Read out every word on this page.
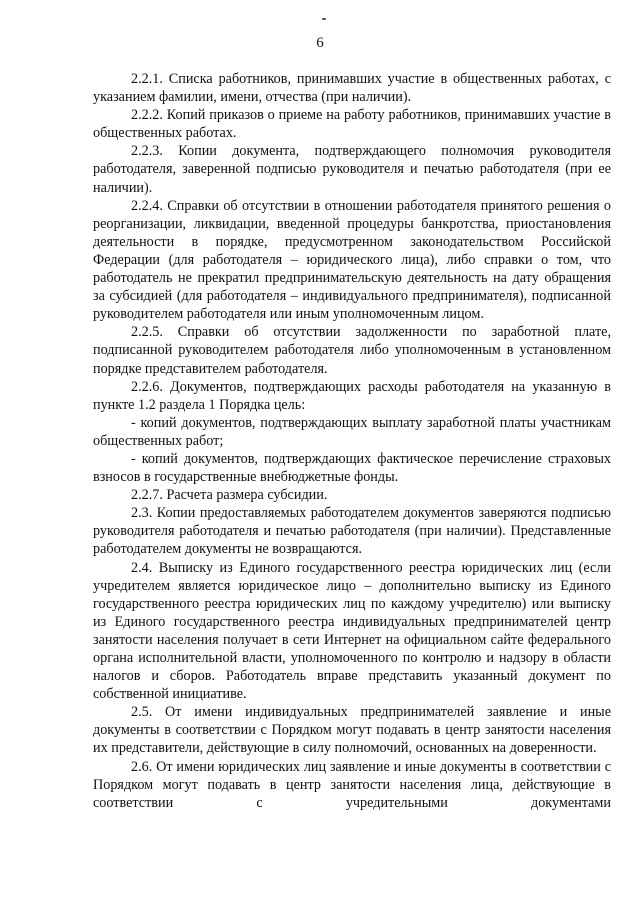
6

2.2.1. Списка работников, принимавших участие в общественных работах, с указанием фамилии, имени, отчества (при наличии).

2.2.2. Копий приказов о приеме на работу работников, принимавших участие в общественных работах.

2.2.3. Копии документа, подтверждающего полномочия руководителя работодателя, заверенной подписью руководителя и печатью работодателя (при ее наличии).

2.2.4. Справки об отсутствии в отношении работодателя принятого решения о реорганизации, ликвидации, введенной процедуры банкротства, приостановления деятельности в порядке, предусмотренном законодательством Российской Федерации (для работодателя – юридического лица), либо справки о том, что работодатель не прекратил предпринимательскую деятельность на дату обращения за субсидией (для работодателя – индивидуального предпринимателя), подписанной руководителем работодателя или иным уполномоченным лицом.

2.2.5. Справки об отсутствии задолженности по заработной плате, подписанной руководителем работодателя либо уполномоченным в установленном порядке представителем работодателя.

2.2.6. Документов, подтверждающих расходы работодателя на указанную в пункте 1.2 раздела 1 Порядка цель:

- копий документов, подтверждающих выплату заработной платы участникам общественных работ;

- копий документов, подтверждающих фактическое перечисление страховых взносов в государственные внебюджетные фонды.

2.2.7. Расчета размера субсидии.

2.3. Копии предоставляемых работодателем документов заверяются подписью руководителя работодателя и печатью работодателя (при наличии). Представленные работодателем документы не возвращаются.

2.4. Выписку из Единого государственного реестра юридических лиц (если учредителем является юридическое лицо – дополнительно выписку из Единого государственного реестра юридических лиц по каждому учредителю) или выписку из Единого государственного реестра индивидуальных предпринимателей центр занятости населения получает в сети Интернет на официальном сайте федерального органа исполнительной власти, уполномоченного по контролю и надзору в области налогов и сборов. Работодатель вправе представить указанный документ по собственной инициативе.

2.5. От имени индивидуальных предпринимателей заявление и иные документы в соответствии с Порядком могут подавать в центр занятости населения их представители, действующие в силу полномочий, основанных на доверенности.

2.6. От имени юридических лиц заявление и иные документы в соответствии с Порядком могут подавать в центр занятости населения лица, действующие в соответствии с учредительными документами
